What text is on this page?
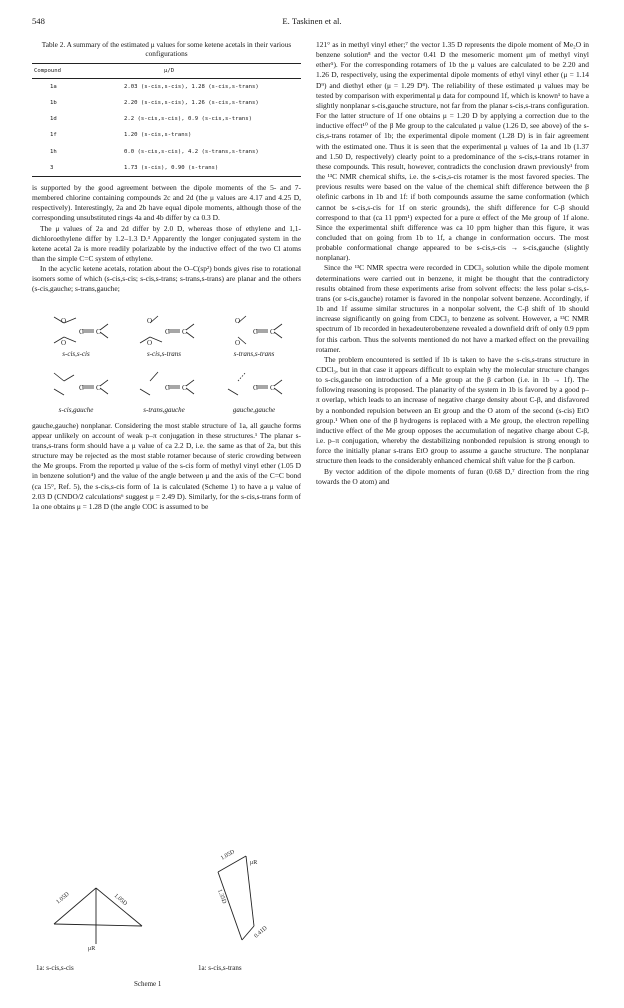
548	E. Taskinen et al.
Table 2. A summary of the estimated μ values for some ketene acetals in their various configurations
Compound	μ/D
1a	2.03 (s-cis,s-cis), 1.28 (s-cis,s-trans)
1b	2.20 (s-cis,s-cis), 1.26 (s-cis,s-trans)
1d	2.2 (s-cis,s-cis), 0.9 (s-cis,s-trans)
1f	1.20 (s-cis,s-trans)
1h	0.0 (s-cis,s-cis), 4.2 (s-trans,s-trans)
3	1.73 (s-cis), 0.90 (s-trans)

is supported by the good agreement between the dipole moments of the 5- and 7-membered chlorine containing compounds 2c and 2d (the μ values are 4.17 and 4.25 D, respectively). Interestingly, 2a and 2b have equal dipole moments, although those of the corresponding unsubstituted rings 4a and 4b differ by ca 0.3 D.

The μ values of 2a and 2d differ by 2.0 D, whereas those of ethylene and 1,1-dichloroethylene differ by 1.2–1.3 D.³ Apparently the longer conjugated system in the ketene acetal 2a is more readily polarizable by the inductive effect of the two Cl atoms than the simple C=C system of ethylene.

In the acyclic ketene acetals, rotation about the O–C(sp²) bonds gives rise to rotational isomers some of which (s-cis,s-cis; s-cis,s-trans; s-trans,s-trans) are planar and the others (s-cis,gauche; s-trans,gauche;

C C	C C	C C
C C	C C	C C
O
O
O
O
O
O
s-cis,s-cis	s-cis,s-trans	s-trans,s-trans
s-cis,gauche	s-trans,gauche	gauche,gauche

gauche,gauche) nonplanar. Considering the most stable structure of 1a, all gauche forms appear unlikely on account of weak p–π conjugation in these structures.¹ The planar s-trans,s-trans form should have a μ value of ca 2.2 D, i.e. the same as that of 2a, but this structure may be rejected as the most stable rotamer because of steric crowding between the Me groups. From the reported μ value of the s-cis form of methyl vinyl ether (1.05 D in benzene solution⁴) and the value of the angle between μ and the axis of the C=C bond (ca 15°, Ref. 5), the s-cis,s-cis form of 1a is calculated (Scheme 1) to have a μ value of 2.03 D (CNDO/2 calculations⁶ suggest μ = 2.49 D). Similarly, for the s-cis,s-trans form of 1a one obtains μ = 1.28 D (the angle COC is assumed to be

1.05D	1.05D
μR
1.05D
μR
1.35D
0.41D
1a: s-cis,s-cis	1a: s-cis,s-trans
Scheme 1

121° as in methyl vinyl ether;⁷ the vector 1.35 D represents the dipole moment of Me₂O in benzene solution⁸ and the vector 0.41 D the mesomeric moment μm of methyl vinyl ether⁵). For the corresponding rotamers of 1b the μ values are calculated to be 2.20 and 1.26 D, respectively, using the experimental dipole moments of ethyl vinyl ether (μ = 1.14 D⁹) and diethyl ether (μ = 1.29 D⁸). The reliability of these estimated μ values may be tested by comparison with experimental μ data for compound 1f, which is known¹ to have a slightly nonplanar s-cis,gauche structure, not far from the planar s-cis,s-trans configuration. For the latter structure of 1f one obtains μ = 1.20 D by applying a correction due to the inductive effect¹⁰ of the β Me group to the calculated μ value (1.26 D, see above) of the s-cis,s-trans rotamer of 1b; the experimental dipole moment (1.28 D) is in fair agreement with the estimated one. Thus it is seen that the experimental μ values of 1a and 1b (1.37 and 1.50 D, respectively) clearly point to a predominance of the s-cis,s-trans rotamer in these compounds. This result, however, contradicts the conclusion drawn previously¹ from the ¹³C NMR chemical shifts, i.e. the s-cis,s-cis rotamer is the most favored species. The previous results were based on the value of the chemical shift difference between the β olefinic carbons in 1b and 1f: if both compounds assume the same conformation (which cannot be s-cis,s-cis for 1f on steric grounds), the shift difference for C-β should correspond to that (ca 11 ppm¹) expected for a pure α effect of the Me group of 1f alone. Since the experimental shift difference was ca 10 ppm higher than this figure, it was concluded that on going from 1b to 1f, a change in conformation occurs. The most probable conformational change appeared to be s-cis,s-cis → s-cis,gauche (slightly nonplanar).

Since the ¹³C NMR spectra were recorded in CDCl₃ solution while the dipole moment determinations were carried out in benzene, it might be thought that the contradictory results obtained from these experiments arise from solvent effects: the less polar s-cis,s-trans (or s-cis,gauche) rotamer is favored in the nonpolar solvent benzene. Accordingly, if 1b and 1f assume similar structures in a nonpolar solvent, the C-β shift of 1b should increase significantly on going from CDCl₃ to benzene as solvent. However, a ¹³C NMR spectrum of 1b recorded in hexadeuterobenzene revealed a downfield drift of only 0.9 ppm for this carbon. Thus the solvents mentioned do not have a marked effect on the prevailing rotamer.

The problem encountered is settled if 1b is taken to have the s-cis,s-trans structure in CDCl₃, but in that case it appears difficult to explain why the molecular structure changes to s-cis,gauche on introduction of a Me group at the β carbon (i.e. in 1b → 1f). The following reasoning is proposed. The planarity of the system in 1b is favored by a good p–π overlap, which leads to an increase of negative charge density about C-β, and disfavored by a nonbonded repulsion between an Et group and the O atom of the second (s-cis) EtO group.¹ When one of the β hydrogens is replaced with a Me group, the electron repelling inductive effect of the Me group opposes the accumulation of negative charge about C-β, i.e. p–π conjugation, whereby the destabilizing nonbonded repulsion is strong enough to force the initially planar s-trans EtO group to assume a gauche structure. The nonplanar structure then leads to the considerably enhanced chemical shift value for the β carbon.

By vector addition of the dipole moments of furan (0.68 D,⁷ direction from the ring towards the O atom) and
